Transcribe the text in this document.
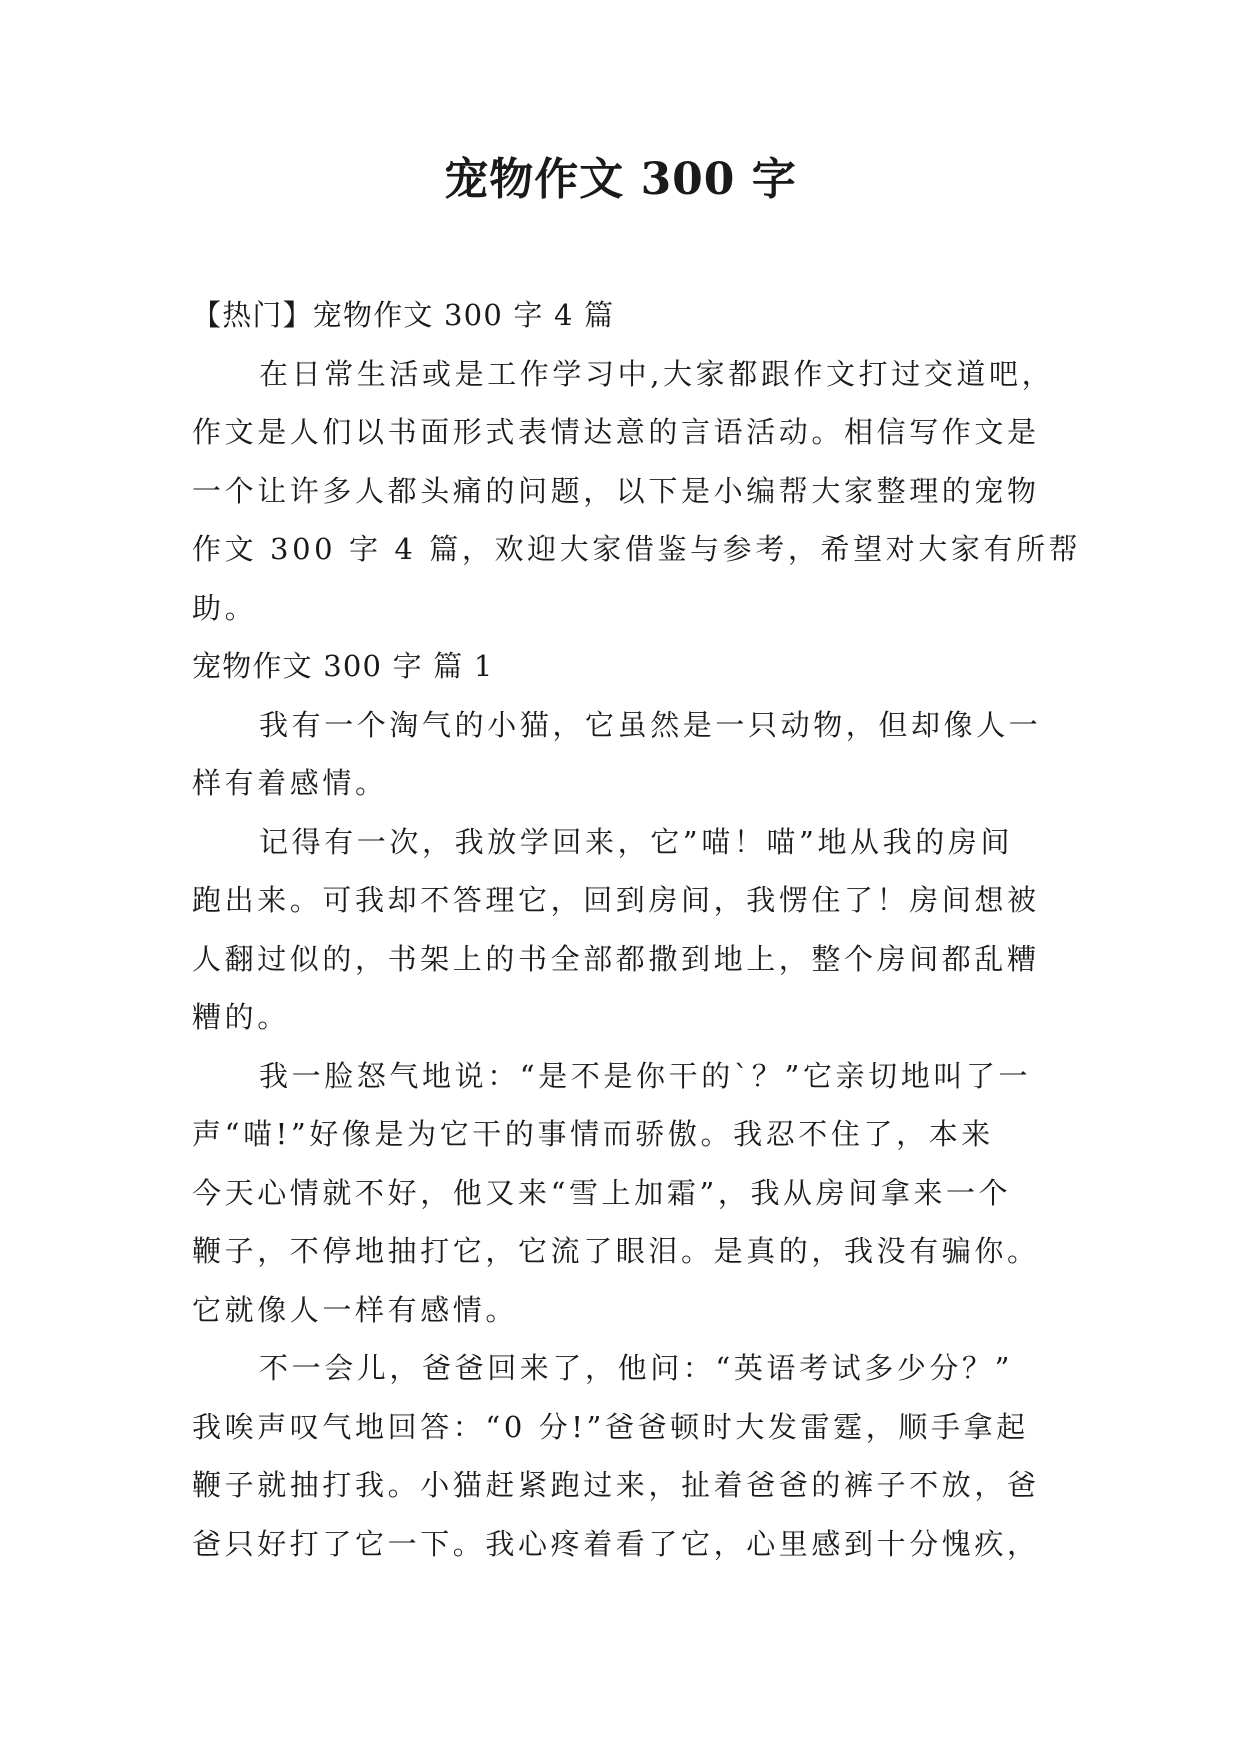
宠物作文 300 字
【热门】宠物作文 300 字 4 篇
在日常生活或是工作学习中,大家都跟作文打过交道吧，
作文是人们以书面形式表情达意的言语活动。相信写作文是
一个让许多人都头痛的问题，以下是小编帮大家整理的宠物
作文 300 字 4 篇，欢迎大家借鉴与参考，希望对大家有所帮
助。
宠物作文 300 字 篇 1
我有一个淘气的小猫，它虽然是一只动物，但却像人一
样有着感情。
记得有一次，我放学回来，它”喵！喵”地从我的房间
跑出来。可我却不答理它，回到房间，我愣住了！房间想被
人翻过似的，书架上的书全部都撒到地上，整个房间都乱糟
糟的。
我一脸怒气地说：“是不是你干的`？”它亲切地叫了一
声“喵!”好像是为它干的事情而骄傲。我忍不住了，本来
今天心情就不好，他又来“雪上加霜”，我从房间拿来一个
鞭子，不停地抽打它，它流了眼泪。是真的，我没有骗你。
它就像人一样有感情。
不一会儿，爸爸回来了，他问：“英语考试多少分？”
我唉声叹气地回答：“0 分!”爸爸顿时大发雷霆，顺手拿起
鞭子就抽打我。小猫赶紧跑过来，扯着爸爸的裤子不放，爸
爸只好打了它一下。我心疼着看了它，心里感到十分愧疚，
